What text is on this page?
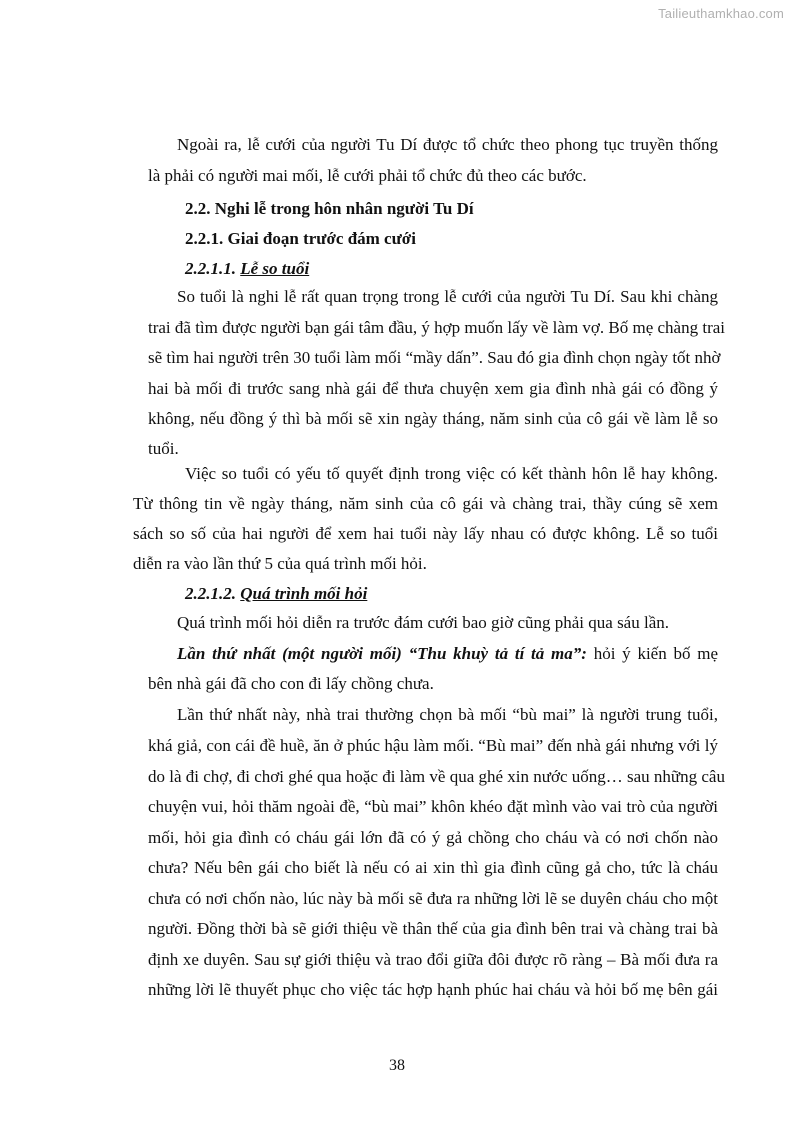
Tailieuthamkhao.com
Ngoài ra, lễ cưới của người Tu Dí được tổ chức theo phong tục truyền thống
là phải có người mai mối, lễ cưới phải tổ chức đủ theo các bước.
2.2. Nghi lễ trong hôn nhân người Tu Dí
2.2.1. Giai đoạn trước đám cưới
2.2.1.1. Lễ so tuổi
So tuổi là nghi lễ rất quan trọng trong lễ cưới của người Tu Dí. Sau khi chàng
trai đã tìm được người bạn gái tâm đầu, ý hợp muốn lấy về làm vợ. Bố mẹ chàng trai
sẽ tìm hai người trên 30 tuổi làm mối “mầy dấn”. Sau đó gia đình chọn ngày tốt nhờ
hai bà mối đi trước sang nhà gái để thưa chuyện xem gia đình nhà gái có đồng ý
không, nếu đồng ý thì bà mối sẽ xin ngày tháng, năm sinh của cô gái về làm lễ so
tuổi.
Việc so tuổi có yếu tố quyết định trong việc có kết thành hôn lễ hay không.
Từ thông tin về ngày tháng, năm sinh của cô gái và chàng trai, thầy cúng sẽ xem
sách so số của hai người để xem hai tuổi này lấy nhau có được không. Lễ so tuổi
diễn ra vào lần thứ 5 của quá trình mối hỏi.
2.2.1.2. Quá trình mối hỏi
Quá trình mối hỏi diễn ra trước đám cưới bao giờ cũng phải qua sáu lần.
Lần thứ nhất (một người mối) “Thu khuỳ tả tí tả ma”: hỏi ý kiến bố mẹ
bên nhà gái đã cho con đi lấy chồng chưa.
Lần thứ nhất này, nhà trai thường chọn bà mối “bù mai” là người trung tuổi,
khá giả, con cái đề huề, ăn ở phúc hậu làm mối. “Bù mai” đến nhà gái nhưng với lý
do là đi chợ, đi chơi ghé qua hoặc đi làm về qua ghé xin nước uống… sau những câu
chuyện vui, hỏi thăm ngoài đề, “bù mai” khôn khéo đặt mình vào vai trò của người
mối, hỏi gia đình có cháu gái lớn đã có ý gả chồng cho cháu và có nơi chốn nào
chưa? Nếu bên gái cho biết là nếu có ai xin thì gia đình cũng gả cho, tức là cháu
chưa có nơi chốn nào, lúc này bà mối sẽ đưa ra những lời lẽ se duyên cháu cho một
người. Đồng thời bà sẽ giới thiệu về thân thế của gia đình bên trai và chàng trai bà
định xe duyên. Sau sự giới thiệu và trao đổi giữa đôi được rõ ràng – Bà mối đưa ra
những lời lẽ thuyết phục cho việc tác hợp hạnh phúc hai cháu và hỏi bố mẹ bên gái
38
